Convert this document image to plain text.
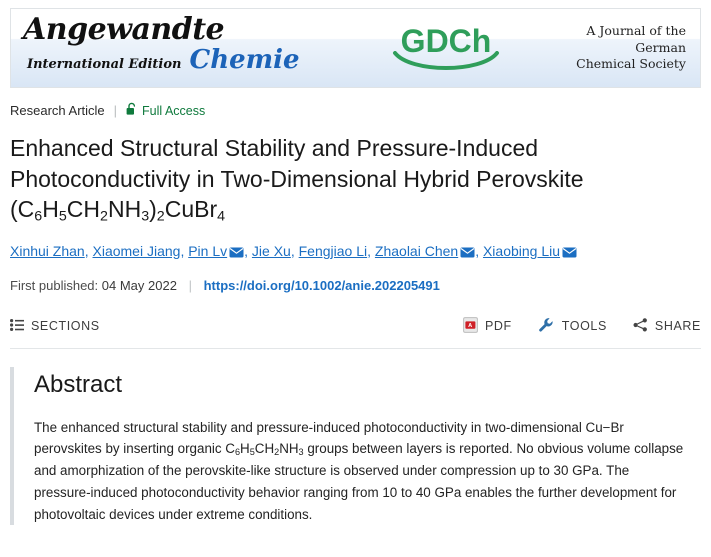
Angewandte
International Edition Chemie
GDCh	A Journal of the
German
Chemical Society
Research Article | Full Access
Enhanced Structural Stability and Pressure-Induced
Photoconductivity in Two-Dimensional Hybrid Perovskite
$(C_6H_5CH_2NH_3)_2CuBr_4$
Xinhui Zhan, Xiaomei Jiang, Pin Lv , Jie Xu, Fengjiao Li, Zhaolai Chen , Xiaobing Liu
First published: 04 May 2022 | https://doi.org/10.1002/anie.202205491
SECTIONS	A PDF	TOOLS	SHARE
Abstract

The enhanced structural stability and pressure-induced photoconductivity in two-dimensional Cu−Br perovskites by inserting organic $C_6H_5CH_2NH_3$ groups between layers is reported. No obvious volume collapse and amorphization of the perovskite-like structure is observed under compression up to 30 GPa. The pressure-induced photoconductivity behavior ranging from 10 to 40 GPa enables the further development for photovoltaic devices under extreme conditions.
